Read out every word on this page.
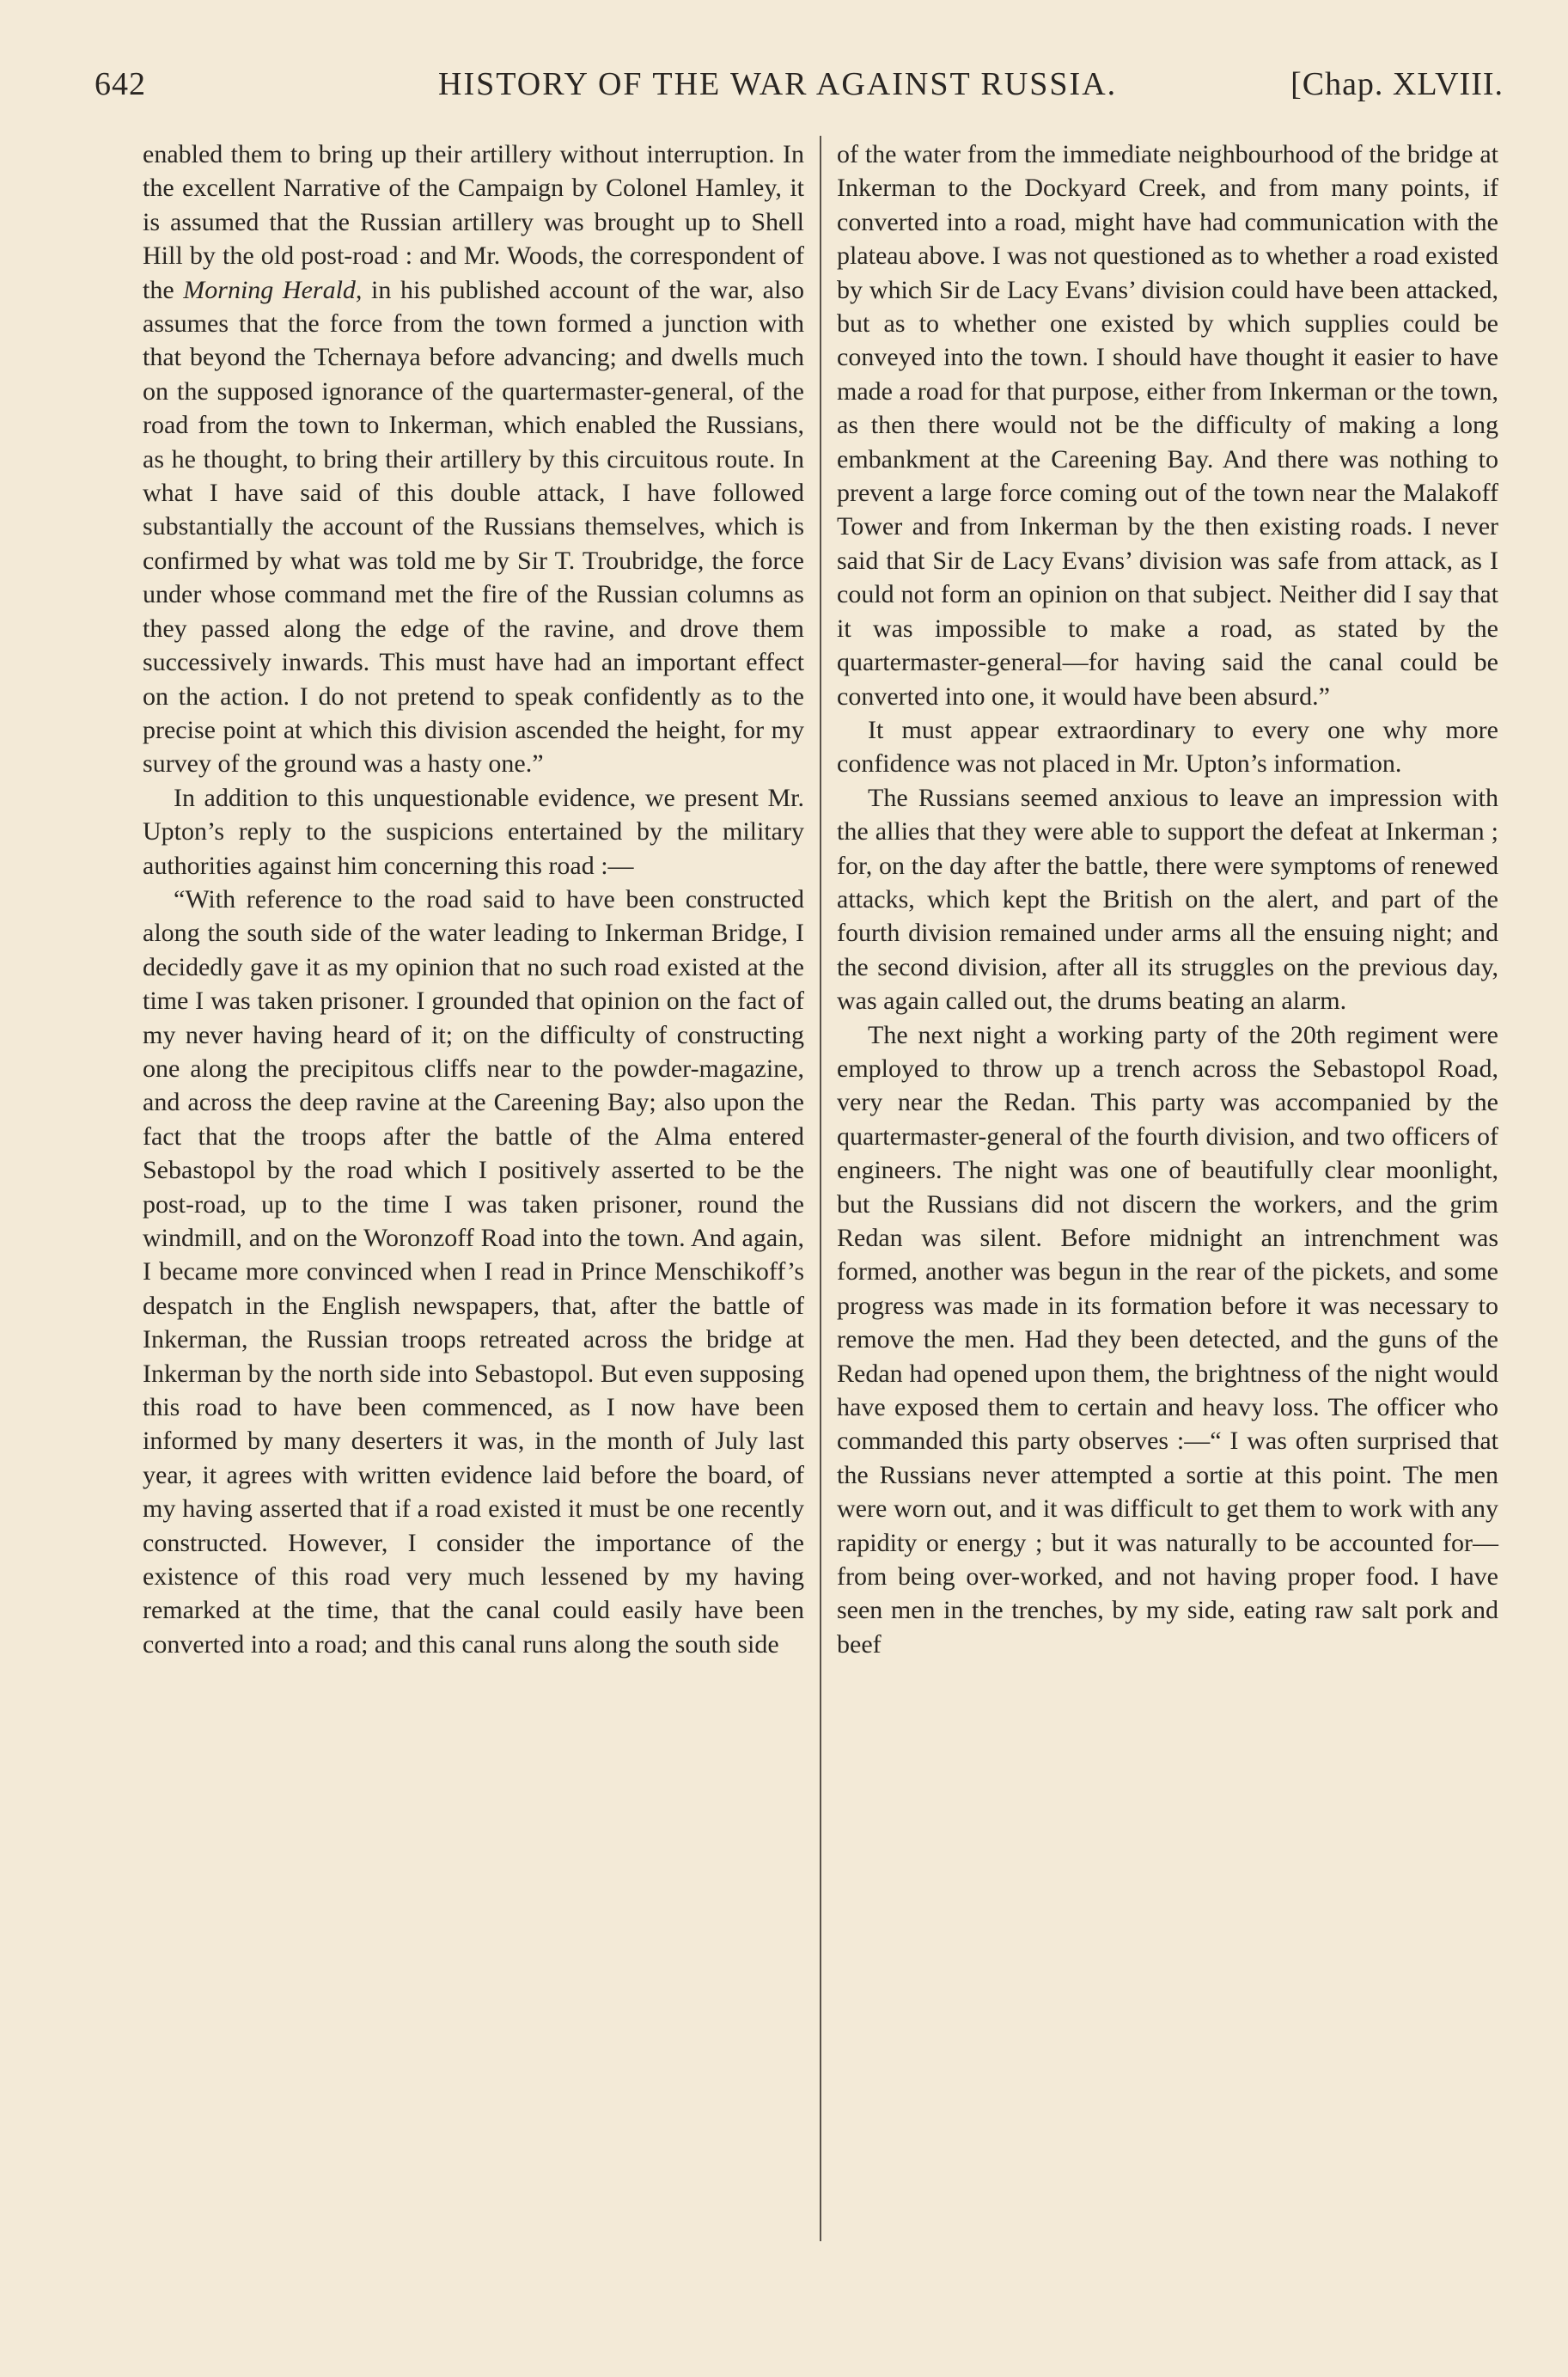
642	HISTORY OF THE WAR AGAINST RUSSIA.	[Chap. XLVIII.

enabled them to bring up their artillery without interruption. In the excellent Narrative of the Campaign by Colonel Hamley, it is assumed that the Russian artillery was brought up to Shell Hill by the old post-road : and Mr. Woods, the correspondent of the Morning Herald, in his published account of the war, also assumes that the force from the town formed a junction with that beyond the Tchernaya before advancing; and dwells much on the supposed ignorance of the quartermaster-general, of the road from the town to Inkerman, which enabled the Russians, as he thought, to bring their artillery by this circuitous route. In what I have said of this double attack, I have followed substantially the account of the Russians themselves, which is confirmed by what was told me by Sir T. Troubridge, the force under whose command met the fire of the Russian columns as they passed along the edge of the ravine, and drove them successively inwards. This must have had an important effect on the action. I do not pretend to speak confidently as to the precise point at which this division ascended the height, for my survey of the ground was a hasty one.”

In addition to this unquestionable evidence, we present Mr. Upton’s reply to the suspicions entertained by the military authorities against him concerning this road :—

“With reference to the road said to have been constructed along the south side of the water leading to Inkerman Bridge, I decidedly gave it as my opinion that no such road existed at the time I was taken prisoner. I grounded that opinion on the fact of my never having heard of it; on the difficulty of constructing one along the precipitous cliffs near to the powder-magazine, and across the deep ravine at the Careening Bay; also upon the fact that the troops after the battle of the Alma entered Sebastopol by the road which I positively asserted to be the post-road, up to the time I was taken prisoner, round the windmill, and on the Woronzoff Road into the town. And again, I became more convinced when I read in Prince Menschikoff’s despatch in the English newspapers, that, after the battle of Inkerman, the Russian troops retreated across the bridge at Inkerman by the north side into Sebastopol. But even supposing this road to have been commenced, as I now have been informed by many deserters it was, in the month of July last year, it agrees with written evidence laid before the board, of my having asserted that if a road existed it must be one recently constructed. However, I consider the importance of the existence of this road very much lessened by my having remarked at the time, that the canal could easily have been converted into a road; and this canal runs along the south side

of the water from the immediate neighbourhood of the bridge at Inkerman to the Dockyard Creek, and from many points, if converted into a road, might have had communication with the plateau above. I was not questioned as to whether a road existed by which Sir de Lacy Evans’ division could have been attacked, but as to whether one existed by which supplies could be conveyed into the town. I should have thought it easier to have made a road for that purpose, either from Inkerman or the town, as then there would not be the difficulty of making a long embankment at the Careening Bay. And there was nothing to prevent a large force coming out of the town near the Malakoff Tower and from Inkerman by the then existing roads. I never said that Sir de Lacy Evans’ division was safe from attack, as I could not form an opinion on that subject. Neither did I say that it was impossible to make a road, as stated by the quartermaster-general—for having said the canal could be converted into one, it would have been absurd.”

It must appear extraordinary to every one why more confidence was not placed in Mr. Upton’s information.

The Russians seemed anxious to leave an impression with the allies that they were able to support the defeat at Inkerman ; for, on the day after the battle, there were symptoms of renewed attacks, which kept the British on the alert, and part of the fourth division remained under arms all the ensuing night; and the second division, after all its struggles on the previous day, was again called out, the drums beating an alarm.

The next night a working party of the 20th regiment were employed to throw up a trench across the Sebastopol Road, very near the Redan. This party was accompanied by the quartermaster-general of the fourth division, and two officers of engineers. The night was one of beautifully clear moonlight, but the Russians did not discern the workers, and the grim Redan was silent. Before midnight an intrenchment was formed, another was begun in the rear of the pickets, and some progress was made in its formation before it was necessary to remove the men. Had they been detected, and the guns of the Redan had opened upon them, the brightness of the night would have exposed them to certain and heavy loss. The officer who commanded this party observes :—“ I was often surprised that the Russians never attempted a sortie at this point. The men were worn out, and it was difficult to get them to work with any rapidity or energy ; but it was naturally to be accounted for—from being over-worked, and not having proper food. I have seen men in the trenches, by my side, eating raw salt pork and beef
